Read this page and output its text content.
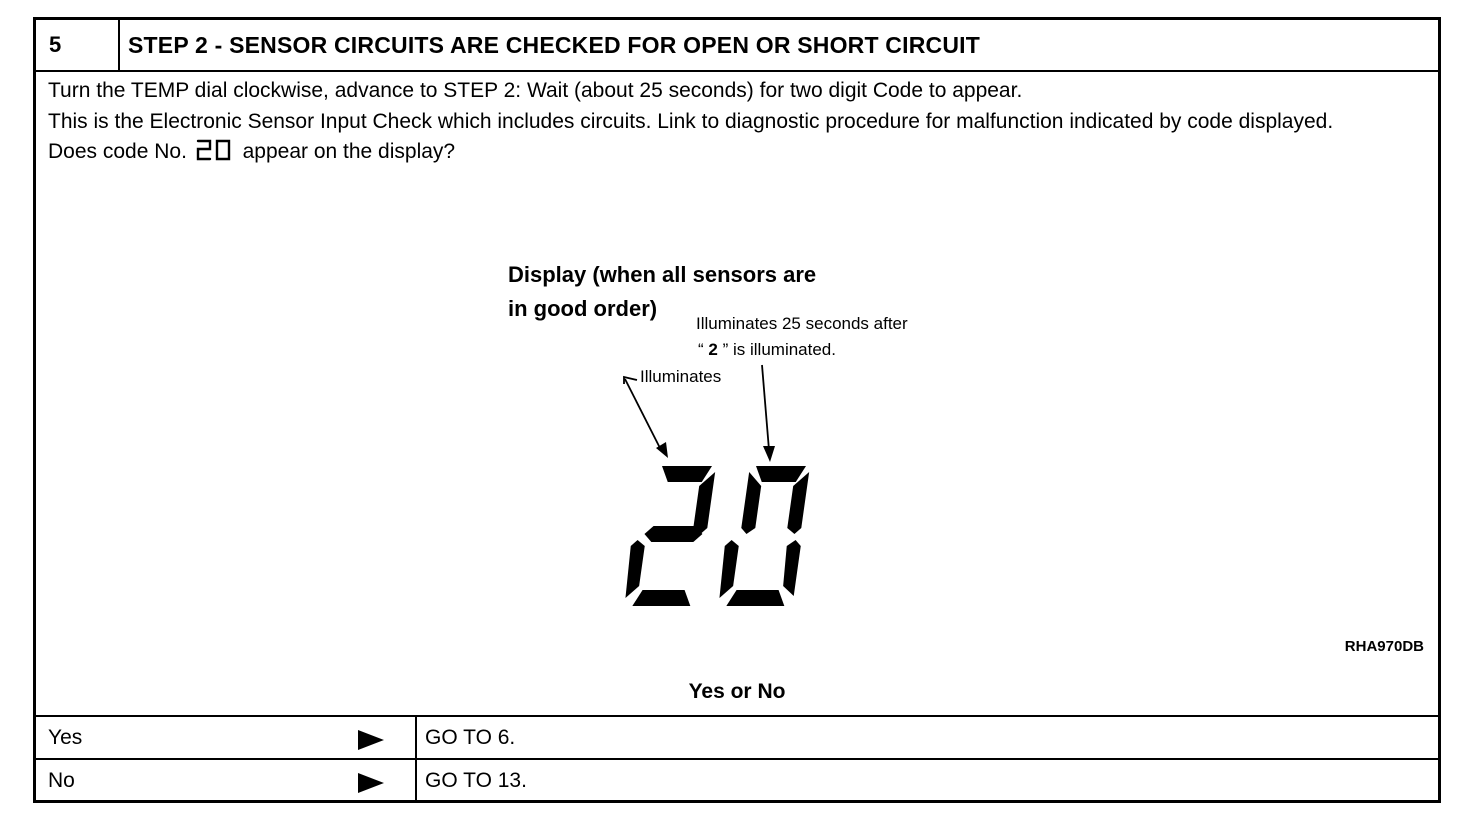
5	STEP 2 - SENSOR CIRCUITS ARE CHECKED FOR OPEN OR SHORT CIRCUIT

Turn the TEMP dial clockwise, advance to STEP 2: Wait (about 25 seconds) for two digit Code to appear.

This is the Electronic Sensor Input Check which includes circuits. Link to diagnostic procedure for malfunction indicated by code displayed.

Does code No.	appear on the display?

Display (when all sensors are
in good order)
Illuminates 25 seconds after
“ 2 ” is illuminated.
Illuminates
RHA970DB
Yes or No
Yes	GO TO 6.
No	GO TO 13.
